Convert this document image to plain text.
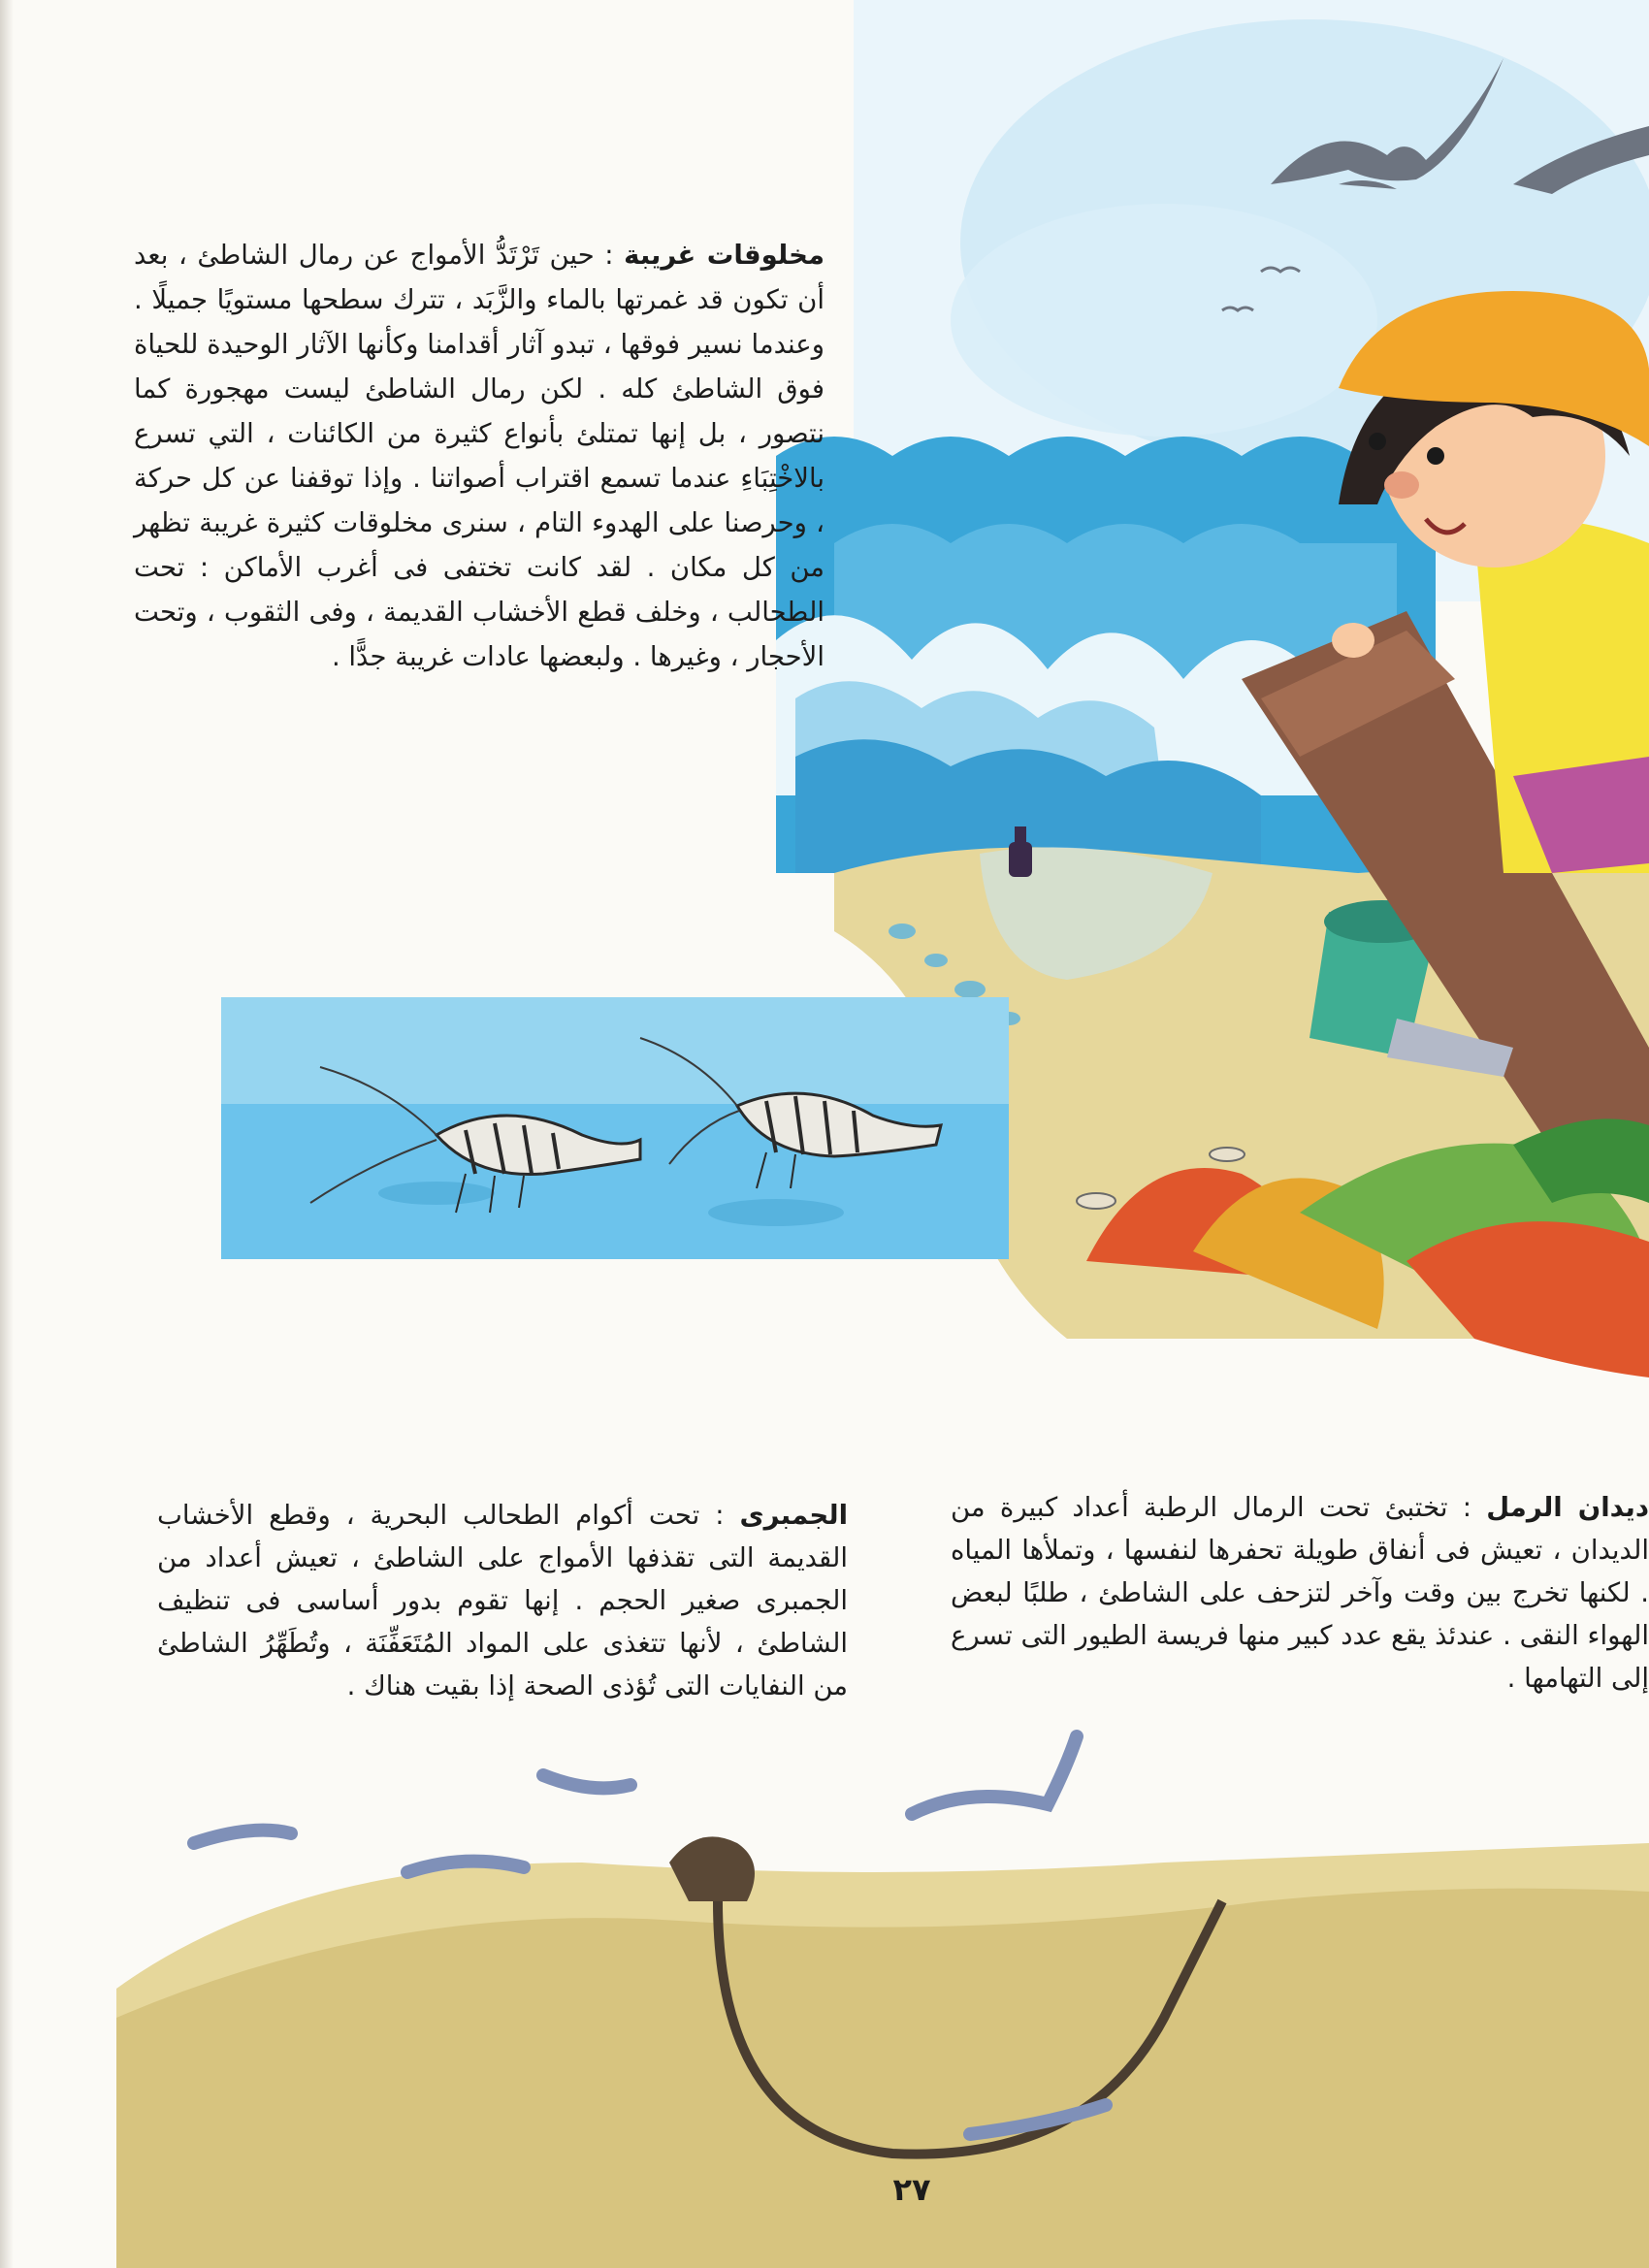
مخلوقات غريبة : حين تَرْتَدُّ الأمواج عن رمال الشاطئ ، بعد أن تكون قد غمرتها بالماء والزَّبَد ، تترك سطحها مستويًا جميلًا . وعندما نسير فوقها ، تبدو آثار أقدامنا وكأنها الآثار الوحيدة للحياة فوق الشاطئ كله . لكن رمال الشاطئ ليست مهجورة كما نتصور ، بل إنها تمتلئ بأنواع كثيرة من الكائنات ، التي تسرع بالاخْتِبَاءِ عندما تسمع اقتراب أصواتنا . وإذا توقفنا عن كل حركة ، وحرصنا على الهدوء التام ، سنرى مخلوقات كثيرة غريبة تظهر من كل مكان . لقد كانت تختفى فى أغرب الأماكن : تحت الطحالب ، وخلف قطع الأخشاب القديمة ، وفى الثقوب ، وتحت الأحجار ، وغيرها . ولبعضها عادات غريبة جدًّا .
الجمبرى : تحت أكوام الطحالب البحرية ، وقطع الأخشاب القديمة التى تقذفها الأمواج على الشاطئ ، تعيش أعداد من الجمبرى صغير الحجم . إنها تقوم بدور أساسى فى تنظيف الشاطئ ، لأنها تتغذى على المواد المُتَعَفِّنَة ، وتُطَهِّرُ الشاطئ من النفايات التى تُؤذى الصحة إذا بقيت هناك .
ديدان الرمل : تختبئ تحت الرمال الرطبة أعداد كبيرة من الديدان ، تعيش فى أنفاق طويلة تحفرها لنفسها ، وتملأها المياه . لكنها تخرج بين وقت وآخر لتزحف على الشاطئ ، طلبًا لبعض الهواء النقى . عندئذ يقع عدد كبير منها فريسة الطيور التى تسرع إلى التهامها .
٢٧
